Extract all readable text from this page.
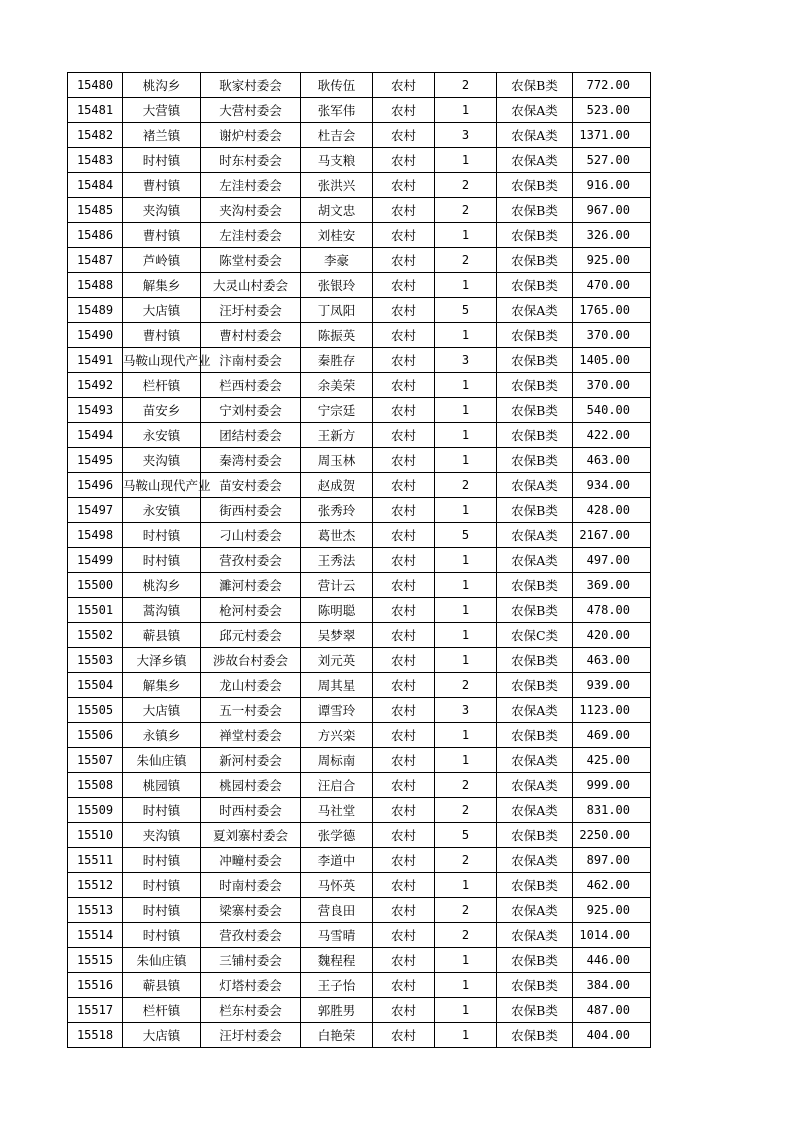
15480	桃沟乡	耿家村委会	耿传伍	农村	2	农保B类	772.00
15481	大营镇	大营村委会	张军伟	农村	1	农保A类	523.00
15482	褚兰镇	谢炉村委会	杜吉会	农村	3	农保A类	1371.00
15483	时村镇	时东村委会	马支粮	农村	1	农保A类	527.00
15484	曹村镇	左洼村委会	张洪兴	农村	2	农保B类	916.00
15485	夹沟镇	夹沟村委会	胡文忠	农村	2	农保B类	967.00
15486	曹村镇	左洼村委会	刘桂安	农村	1	农保B类	326.00
15487	芦岭镇	陈堂村委会	李豪	农村	2	农保B类	925.00
15488	解集乡	大灵山村委会	张银玲	农村	1	农保B类	470.00
15489	大店镇	汪圩村委会	丁凤阳	农村	5	农保A类	1765.00
15490	曹村镇	曹村村委会	陈振英	农村	1	农保B类	370.00
15491	马鞍山现代产业	汴南村委会	秦胜存	农村	3	农保B类	1405.00
15492	栏杆镇	栏西村委会	余美荣	农村	1	农保B类	370.00
15493	苗安乡	宁刘村委会	宁宗廷	农村	1	农保B类	540.00
15494	永安镇	团结村委会	王新方	农村	1	农保B类	422.00
15495	夹沟镇	秦湾村委会	周玉林	农村	1	农保B类	463.00
15496	马鞍山现代产业	苗安村委会	赵成贺	农村	2	农保A类	934.00
15497	永安镇	街西村委会	张秀玲	农村	1	农保B类	428.00
15498	时村镇	刁山村委会	葛世杰	农村	5	农保A类	2167.00
15499	时村镇	营孜村委会	王秀法	农村	1	农保A类	497.00
15500	桃沟乡	濉河村委会	营计云	农村	1	农保B类	369.00
15501	蒿沟镇	枪河村委会	陈明聪	农村	1	农保B类	478.00
15502	蕲县镇	邱元村委会	吴梦翠	农村	1	农保C类	420.00
15503	大泽乡镇	涉故台村委会	刘元英	农村	1	农保B类	463.00
15504	解集乡	龙山村委会	周其星	农村	2	农保B类	939.00
15505	大店镇	五一村委会	谭雪玲	农村	3	农保A类	1123.00
15506	永镇乡	禅堂村委会	方兴栾	农村	1	农保B类	469.00
15507	朱仙庄镇	新河村委会	周标南	农村	1	农保A类	425.00
15508	桃园镇	桃园村委会	汪启合	农村	2	农保A类	999.00
15509	时村镇	时西村委会	马社堂	农村	2	农保A类	831.00
15510	夹沟镇	夏刘寨村委会	张学德	农村	5	农保B类	2250.00
15511	时村镇	冲疃村委会	李道中	农村	2	农保A类	897.00
15512	时村镇	时南村委会	马怀英	农村	1	农保B类	462.00
15513	时村镇	梁寨村委会	营良田	农村	2	农保A类	925.00
15514	时村镇	营孜村委会	马雪晴	农村	2	农保A类	1014.00
15515	朱仙庄镇	三铺村委会	魏程程	农村	1	农保B类	446.00
15516	蕲县镇	灯塔村委会	王子怡	农村	1	农保B类	384.00
15517	栏杆镇	栏东村委会	郭胜男	农村	1	农保B类	487.00
15518	大店镇	汪圩村委会	白艳荣	农村	1	农保B类	404.00
